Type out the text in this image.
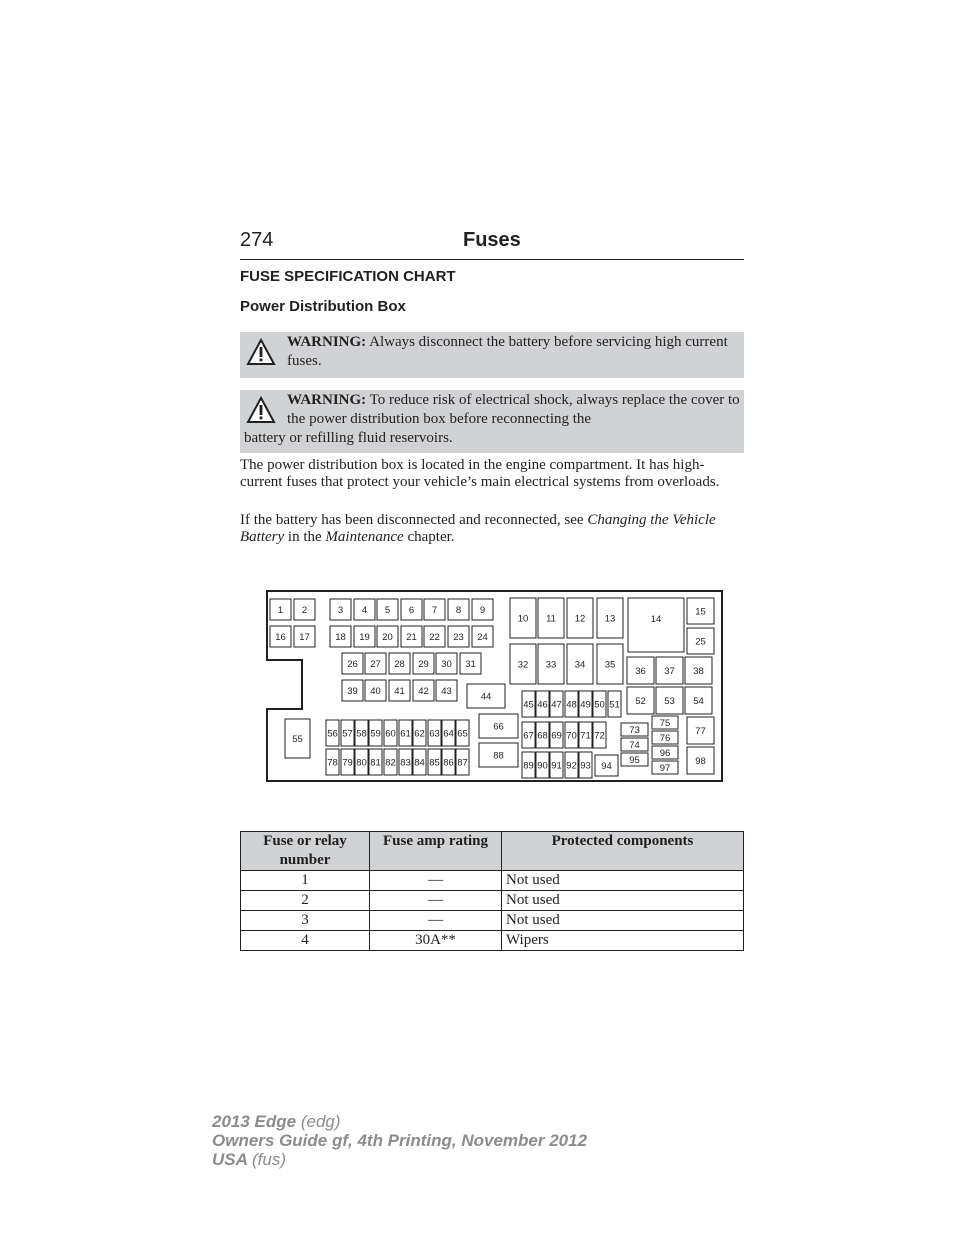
274	Fuses
FUSE SPECIFICATION CHART
Power Distribution Box
WARNING: Always disconnect the battery before servicing high current fuses.
WARNING: To reduce risk of electrical shock, always replace the cover to the power distribution box before reconnecting the
battery or refilling fluid reservoirs.
The power distribution box is located in the engine compartment. It has high-current fuses that protect your vehicle’s main electrical systems from overloads.
If the battery has been disconnected and reconnected, see Changing the Vehicle Battery in the Maintenance chapter.
1 2	3 4 5 6 7 8 9
10 11 12 13	14
15
16 17	18 19 20 21 22 23 24	25
26 27 28 29 30 31	32 33 34 35
36 37 38
39 40 41 42 43	44
45 46 47 48 49 50 51 52 53 54
55	56 57 58 59 60 61 62 63 64 65
66
67 68 69 70 71 72	73
74
75
76
77
78 79 80 81 82 83 84 85 86 87
88
89 90 91 92 93 94
95
96
97
98
Fuse or relay number	Fuse amp rating	Protected components
1	—	Not used
2	—	Not used
3	—	Not used
4	30A**	Wipers
2013 Edge (edg)
Owners Guide gf, 4th Printing, November 2012
USA (fus)
